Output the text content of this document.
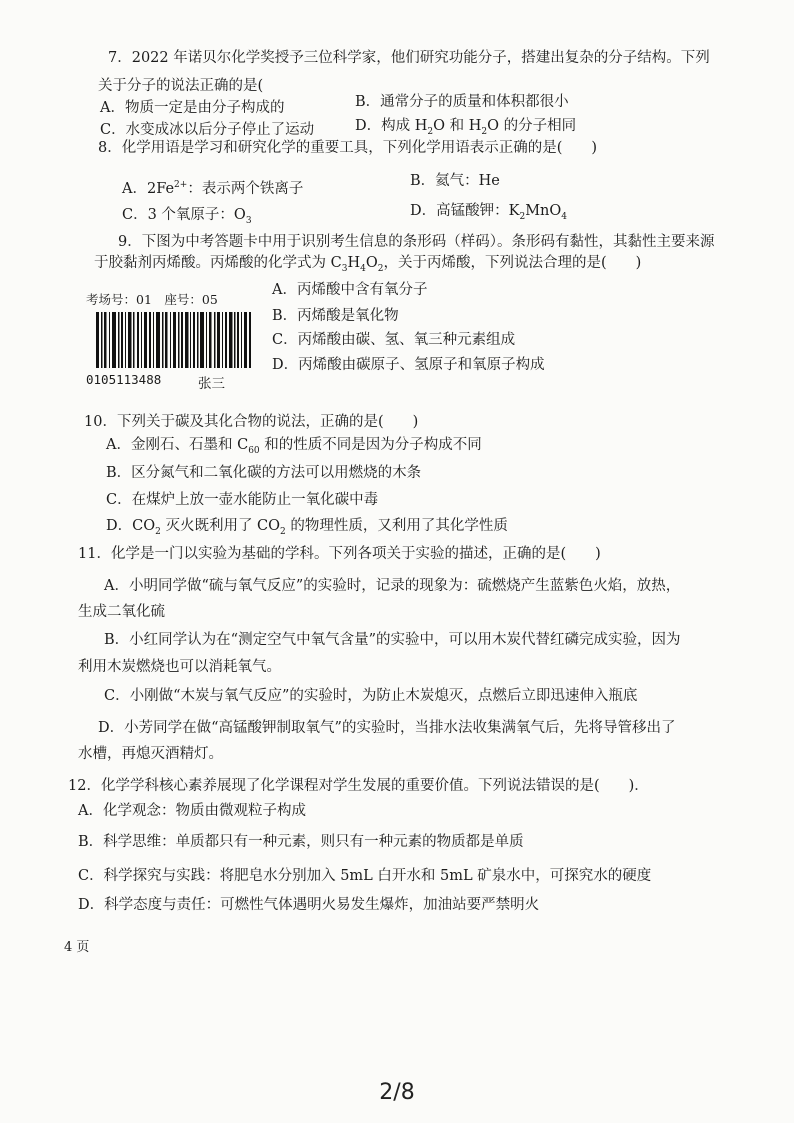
7．2022 年诺贝尔化学奖授予三位科学家，他们研究功能分子，搭建出复杂的分子结构。下列
关于分子的说法正确的是(
A．物质一定是由分子构成的	B．通常分子的质量和体积都很小
C．水变成冰以后分子停止了运动	D．构成 $H_2O$ 和 $H_2O$ 的分子相同
8．化学用语是学习和研究化学的重要工具，下列化学用语表示正确的是(　　)
A．$2Fe^{2+}$：表示两个铁离子	B．氦气：He
C．3 个氧原子：$O_3$
D．高锰酸钾：$K_2MnO_4$
9．下图为中考答题卡中用于识别考生信息的条形码（样码）。条形码有黏性，其黏性主要来源
于胶黏剂丙烯酸。丙烯酸的化学式为 $C_3H_4O_2$，关于丙烯酸，下列说法合理的是(　　)
考场号：01　座号：05
0105113488	张三
A．丙烯酸中含有氧分子
B．丙烯酸是氧化物
C．丙烯酸由碳、氢、氧三种元素组成
D．丙烯酸由碳原子、氢原子和氧原子构成
10．下列关于碳及其化合物的说法，正确的是(　　)
A．金刚石、石墨和 $C_{60}$ 和的性质不同是因为分子构成不同
B．区分氮气和二氧化碳的方法可以用燃烧的木条
C．在煤炉上放一壶水能防止一氧化碳中毒
D．$CO_2$ 灭火既利用了 $CO_2$ 的物理性质，又利用了其化学性质
11．化学是一门以实验为基础的学科。下列各项关于实验的描述，正确的是(　　)
A．小明同学做“硫与氧气反应”的实验时，记录的现象为：硫燃烧产生蓝紫色火焰，放热，
生成二氧化硫
B．小红同学认为在“测定空气中氧气含量”的实验中，可以用木炭代替红磷完成实验，因为
利用木炭燃烧也可以消耗氧气。
C．小刚做“木炭与氧气反应”的实验时，为防止木炭熄灭，点燃后立即迅速伸入瓶底
D．小芳同学在做“高锰酸钾制取氧气”的实验时，当排水法收集满氧气后，先将导管移出了
水槽，再熄灭酒精灯。
12．化学学科核心素养展现了化学课程对学生发展的重要价值。下列说法错误的是(　　)．
A．化学观念：物质由微观粒子构成
B．科学思维：单质都只有一种元素，则只有一种元素的物质都是单质
C．科学探究与实践：将肥皂水分别加入 5mL 白开水和 5mL 矿泉水中，可探究水的硬度
D．科学态度与责任：可燃性气体遇明火易发生爆炸，加油站要严禁明火
4 页
2/8
